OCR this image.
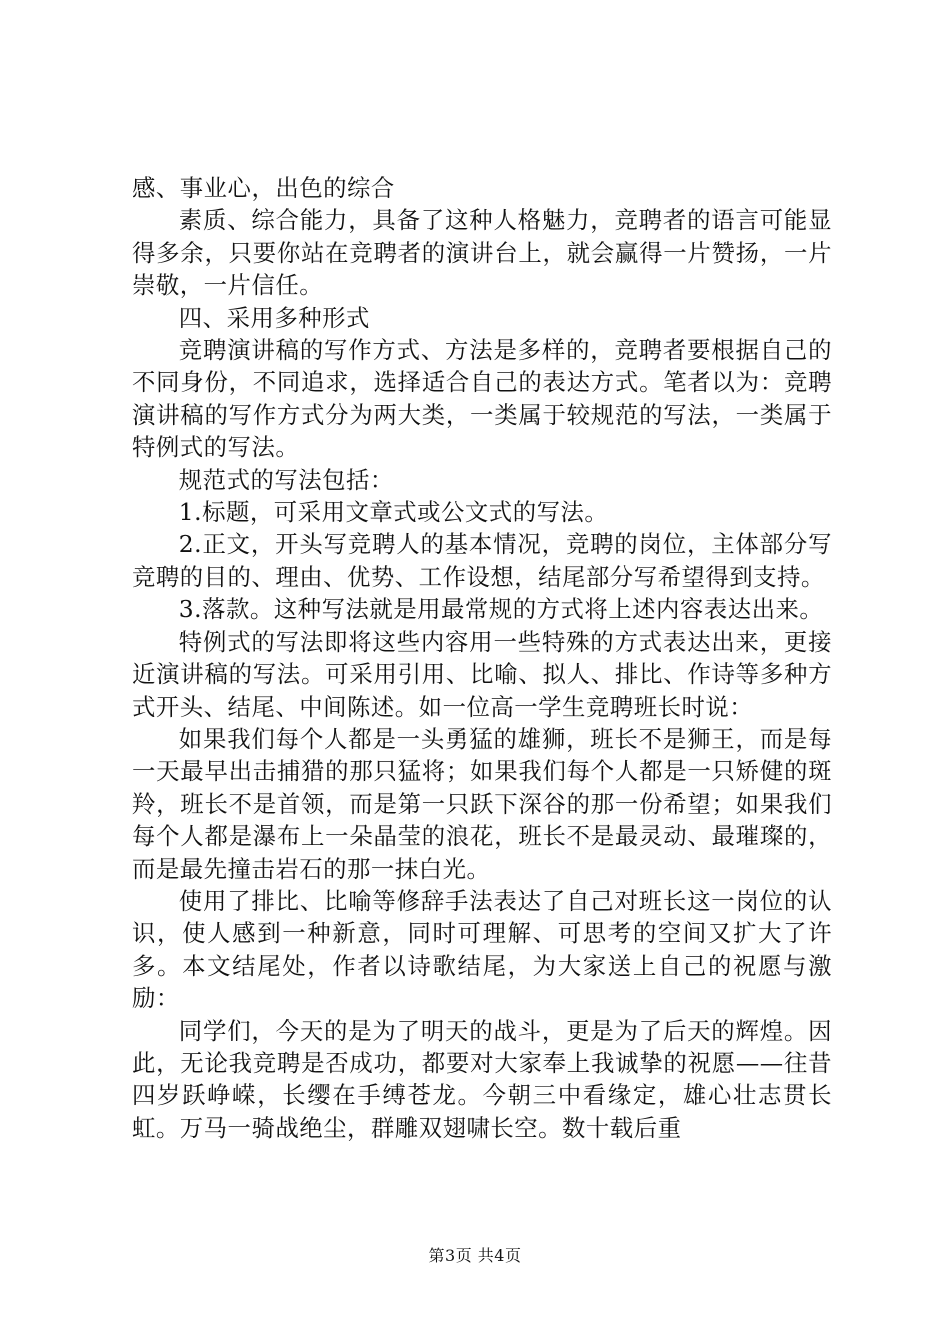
感、事业心，出色的综合

素质、综合能力，具备了这种人格魅力，竞聘者的语言可能显得多余，只要你站在竞聘者的演讲台上，就会赢得一片赞扬，一片崇敬，一片信任。

四、采用多种形式

竞聘演讲稿的写作方式、方法是多样的，竞聘者要根据自己的不同身份，不同追求，选择适合自己的表达方式。笔者以为：竞聘演讲稿的写作方式分为两大类，一类属于较规范的写法，一类属于特例式的写法。

规范式的写法包括：

1.标题，可采用文章式或公文式的写法。

2.正文，开头写竞聘人的基本情况，竞聘的岗位，主体部分写竞聘的目的、理由、优势、工作设想，结尾部分写希望得到支持。

3.落款。这种写法就是用最常规的方式将上述内容表达出来。

特例式的写法即将这些内容用一些特殊的方式表达出来，更接近演讲稿的写法。可采用引用、比喻、拟人、排比、作诗等多种方式开头、结尾、中间陈述。如一位高一学生竞聘班长时说：

如果我们每个人都是一头勇猛的雄狮，班长不是狮王，而是每一天最早出击捕猎的那只猛将；如果我们每个人都是一只矫健的斑羚，班长不是首领，而是第一只跃下深谷的那一份希望；如果我们每个人都是瀑布上一朵晶莹的浪花，班长不是最灵动、最璀璨的，而是最先撞击岩石的那一抹白光。

使用了排比、比喻等修辞手法表达了自己对班长这一岗位的认识，使人感到一种新意，同时可理解、可思考的空间又扩大了许多。本文结尾处，作者以诗歌结尾，为大家送上自己的祝愿与激励：

同学们，今天的是为了明天的战斗，更是为了后天的辉煌。因此，无论我竞聘是否成功，都要对大家奉上我诚挚的祝愿——往昔四岁跃峥嵘，长缨在手缚苍龙。今朝三中看缘定，雄心壮志贯长虹。万马一骑战绝尘，群雕双翅啸长空。数十载后重

第3页 共4页
